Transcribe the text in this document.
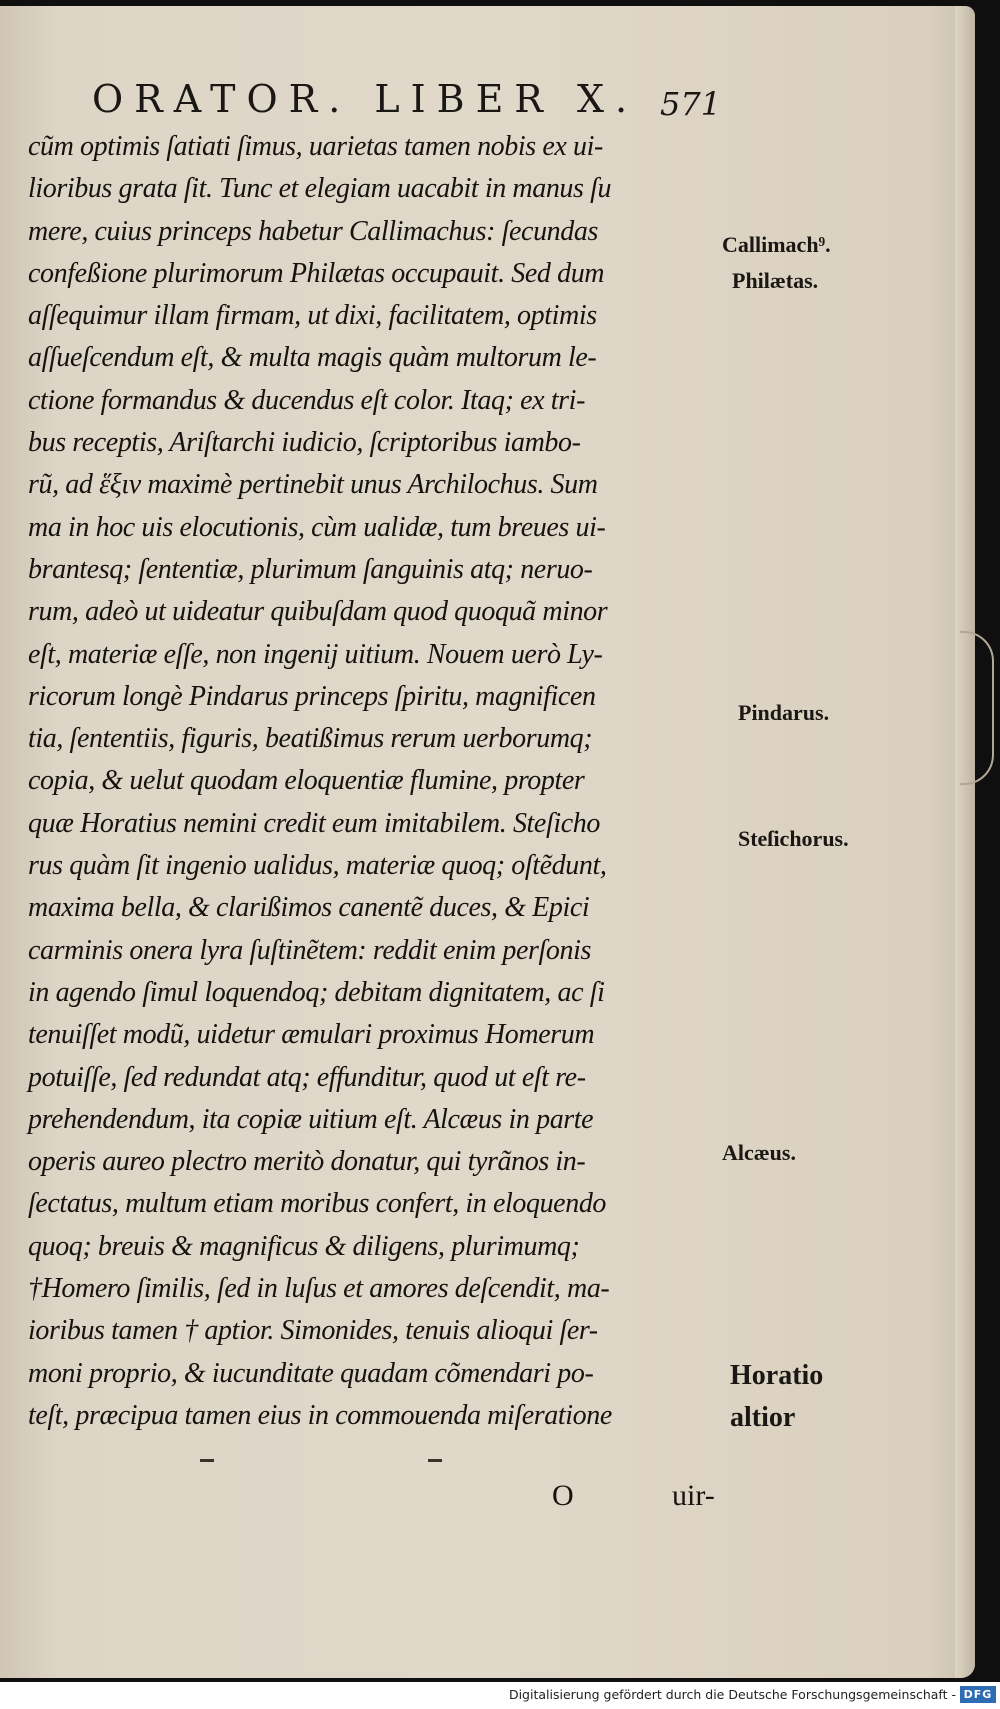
ORATOR. LIBER X. 571
cũm optimis ſatiati ſimus, uarietas tamen nobis ex ui-
lioribus grata ſit. Tunc et elegiam uacabit in manus ſu
mere, cuius princeps habetur Callimachus: ſecundas
confeßione plurimorum Philætas occupauit. Sed dum
aſſequimur illam firmam, ut dixi, facilitatem, optimis
aſſueſcendum eſt, & multa magis quàm multorum le-
ctione formandus & ducendus eſt color. Itaq; ex tri-
bus receptis, Ariſtarchi iudicio, ſcriptoribus iambo-
rũ, ad ἕξιν maximè pertinebit unus Archilochus. Sum
ma in hoc uis elocutionis, cùm ualidæ, tum breues ui-
brantesq; ſententiæ, plurimum ſanguinis atq; neruo-
rum, adeò ut uideatur quibuſdam quod quoquã minor
eſt, materiæ eſſe, non ingenij uitium. Nouem uerò Ly-
ricorum longè Pindarus princeps ſpiritu, magnificen
tia, ſententiis, figuris, beatißimus rerum uerborumq;
copia, & uelut quodam eloquentiæ flumine, propter
quæ Horatius nemini credit eum imitabilem. Steſicho
rus quàm ſit ingenio ualidus, materiæ quoq; oſtẽdunt,
maxima bella, & clarißimos canentẽ duces, & Epici
carminis onera lyra ſuſtinẽtem: reddit enim perſonis
in agendo ſimul loquendoq; debitam dignitatem, ac ſi
tenuiſſet modũ, uidetur æmulari proximus Homerum
potuiſſe, ſed redundat atq; effunditur, quod ut eſt re-
prehendendum, ita copiæ uitium eſt. Alcæus in parte
operis aureo plectro meritò donatur, qui tyrãnos in-
ſectatus, multum etiam moribus confert, in eloquendo
quoq; breuis & magnificus & diligens, plurimumq;
†Homero ſimilis, ſed in luſus et amores deſcendit, ma-
ioribus tamen † aptior. Simonides, tenuis alioqui ſer-
moni proprio, & iucunditate quadam cõmendari po-
teſt, præcipua tamen eius in commouenda miſeratione
Callimach⁹.
Philætas.
Pindarus.
Steſichorus.
Alcæus.
Horatio
altior
O	uir-
Digitalisierung gefördert durch die Deutsche Forschungsgemeinschaft - DFG
